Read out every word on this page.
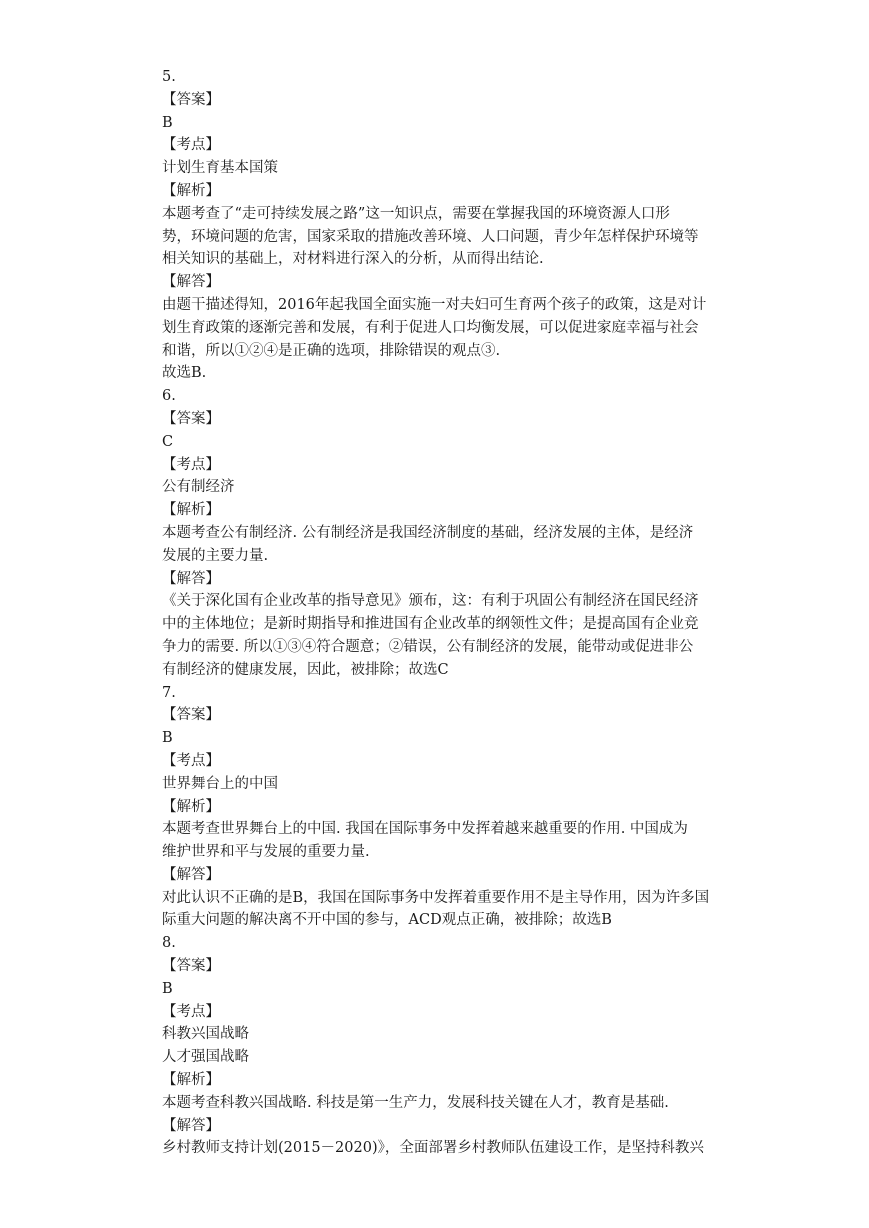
5.
【答案】
B
【考点】
计划生育基本国策
【解析】
本题考查了“走可持续发展之路”这一知识点，需要在掌握我国的环境资源人口形
势，环境问题的危害，国家采取的措施改善环境、人口问题，青少年怎样保护环境等
相关知识的基础上，对材料进行深入的分析，从而得出结论.
【解答】
由题干描述得知，2016年起我国全面实施一对夫妇可生育两个孩子的政策，这是对计
划生育政策的逐渐完善和发展，有利于促进人口均衡发展，可以促进家庭幸福与社会
和谐，所以①②④是正确的选项，排除错误的观点③.
故选B.
6.
【答案】
C
【考点】
公有制经济
【解析】
本题考查公有制经济. 公有制经济是我国经济制度的基础，经济发展的主体，是经济
发展的主要力量.
【解答】
《关于深化国有企业改革的指导意见》颁布，这：有利于巩固公有制经济在国民经济
中的主体地位；是新时期指导和推进国有企业改革的纲领性文件；是提高国有企业竞
争力的需要. 所以①③④符合题意；②错误，公有制经济的发展，能带动或促进非公
有制经济的健康发展，因此，被排除；故选C
7.
【答案】
B
【考点】
世界舞台上的中国
【解析】
本题考查世界舞台上的中国. 我国在国际事务中发挥着越来越重要的作用. 中国成为
维护世界和平与发展的重要力量.
【解答】
对此认识不正确的是B，我国在国际事务中发挥着重要作用不是主导作用，因为许多国
际重大问题的解决离不开中国的参与，ACD观点正确，被排除；故选B
8.
【答案】
B
【考点】
科教兴国战略
人才强国战略
【解析】
本题考查科教兴国战略. 科技是第一生产力，发展科技关键在人才，教育是基础.
【解答】
乡村教师支持计划(2015－2020)》，全面部署乡村教师队伍建设工作，是坚持科教兴
